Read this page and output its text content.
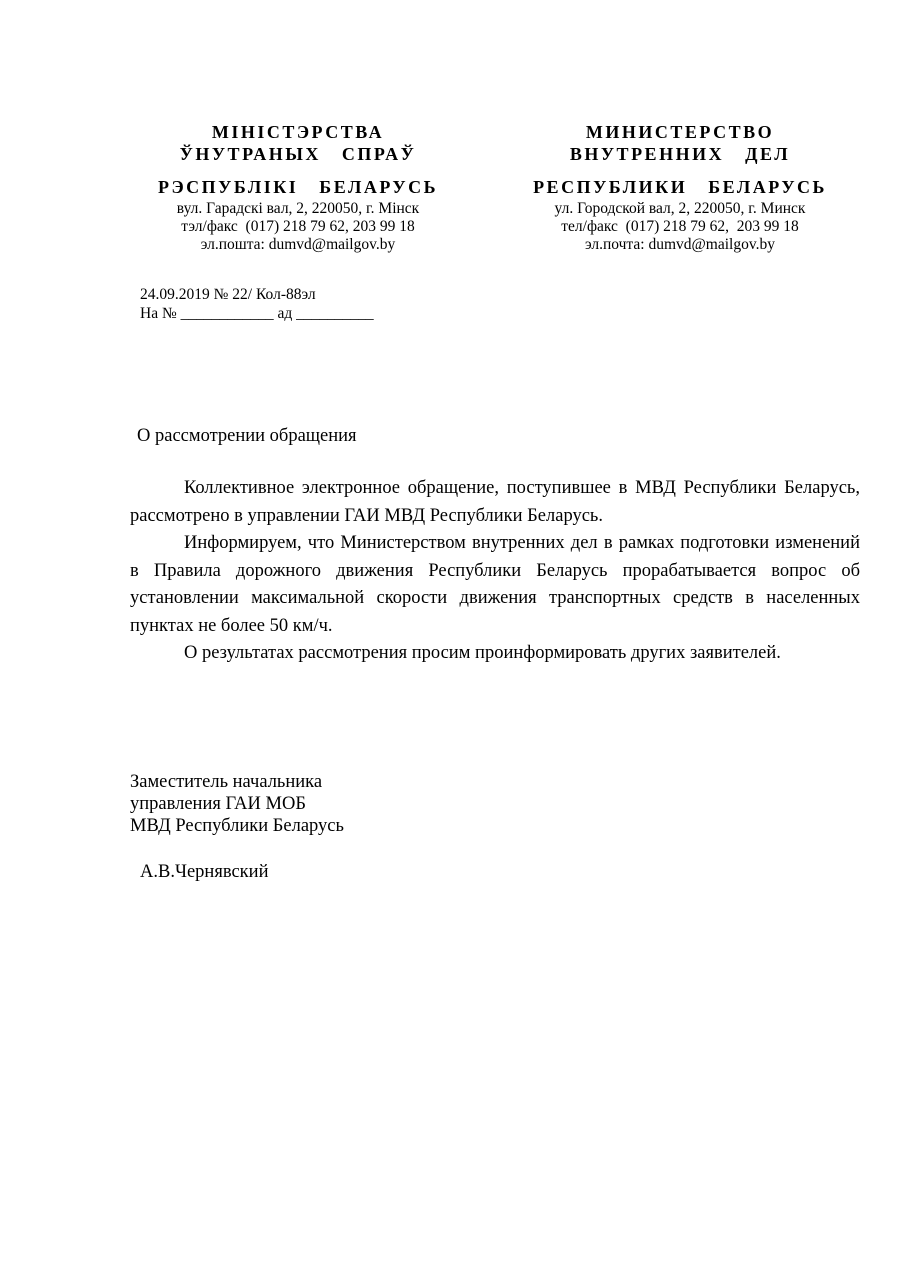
МІНІСТЭРСТВА
ЎНУТРАНЫХ   СПРАЎ
РЭСПУБЛІКІ   БЕЛАРУСЬ
вул. Гарадскі вал, 2, 220050, г. Мінск
тэл/факс  (017) 218 79 62, 203 99 18
эл.пошта: dumvd@mailgov.by
МИНИСТЕРСТВО
ВНУТРЕННИХ   ДЕЛ
РЕСПУБЛИКИ   БЕЛАРУСЬ
ул. Городской вал, 2, 220050, г. Минск
тел/факс  (017) 218 79 62,  203 99 18
эл.почта: dumvd@mailgov.by
24.09.2019 № 22/ Кол-88эл
На № ____________ ад __________
О рассмотрении обращения

Коллективное электронное обращение, поступившее в МВД Республики Беларусь, рассмотрено в управлении ГАИ МВД Республики Беларусь.

Информируем, что Министерством внутренних дел в рамках подготовки изменений в Правила дорожного движения Республики Беларусь прорабатывается вопрос об установлении максимальной скорости движения транспортных средств в населенных пунктах не более 50 км/ч.

О результатах рассмотрения просим проинформировать других заявителей.

Заместитель начальника
управления ГАИ МОБ
МВД Республики Беларусь
А.В.Чернявский
